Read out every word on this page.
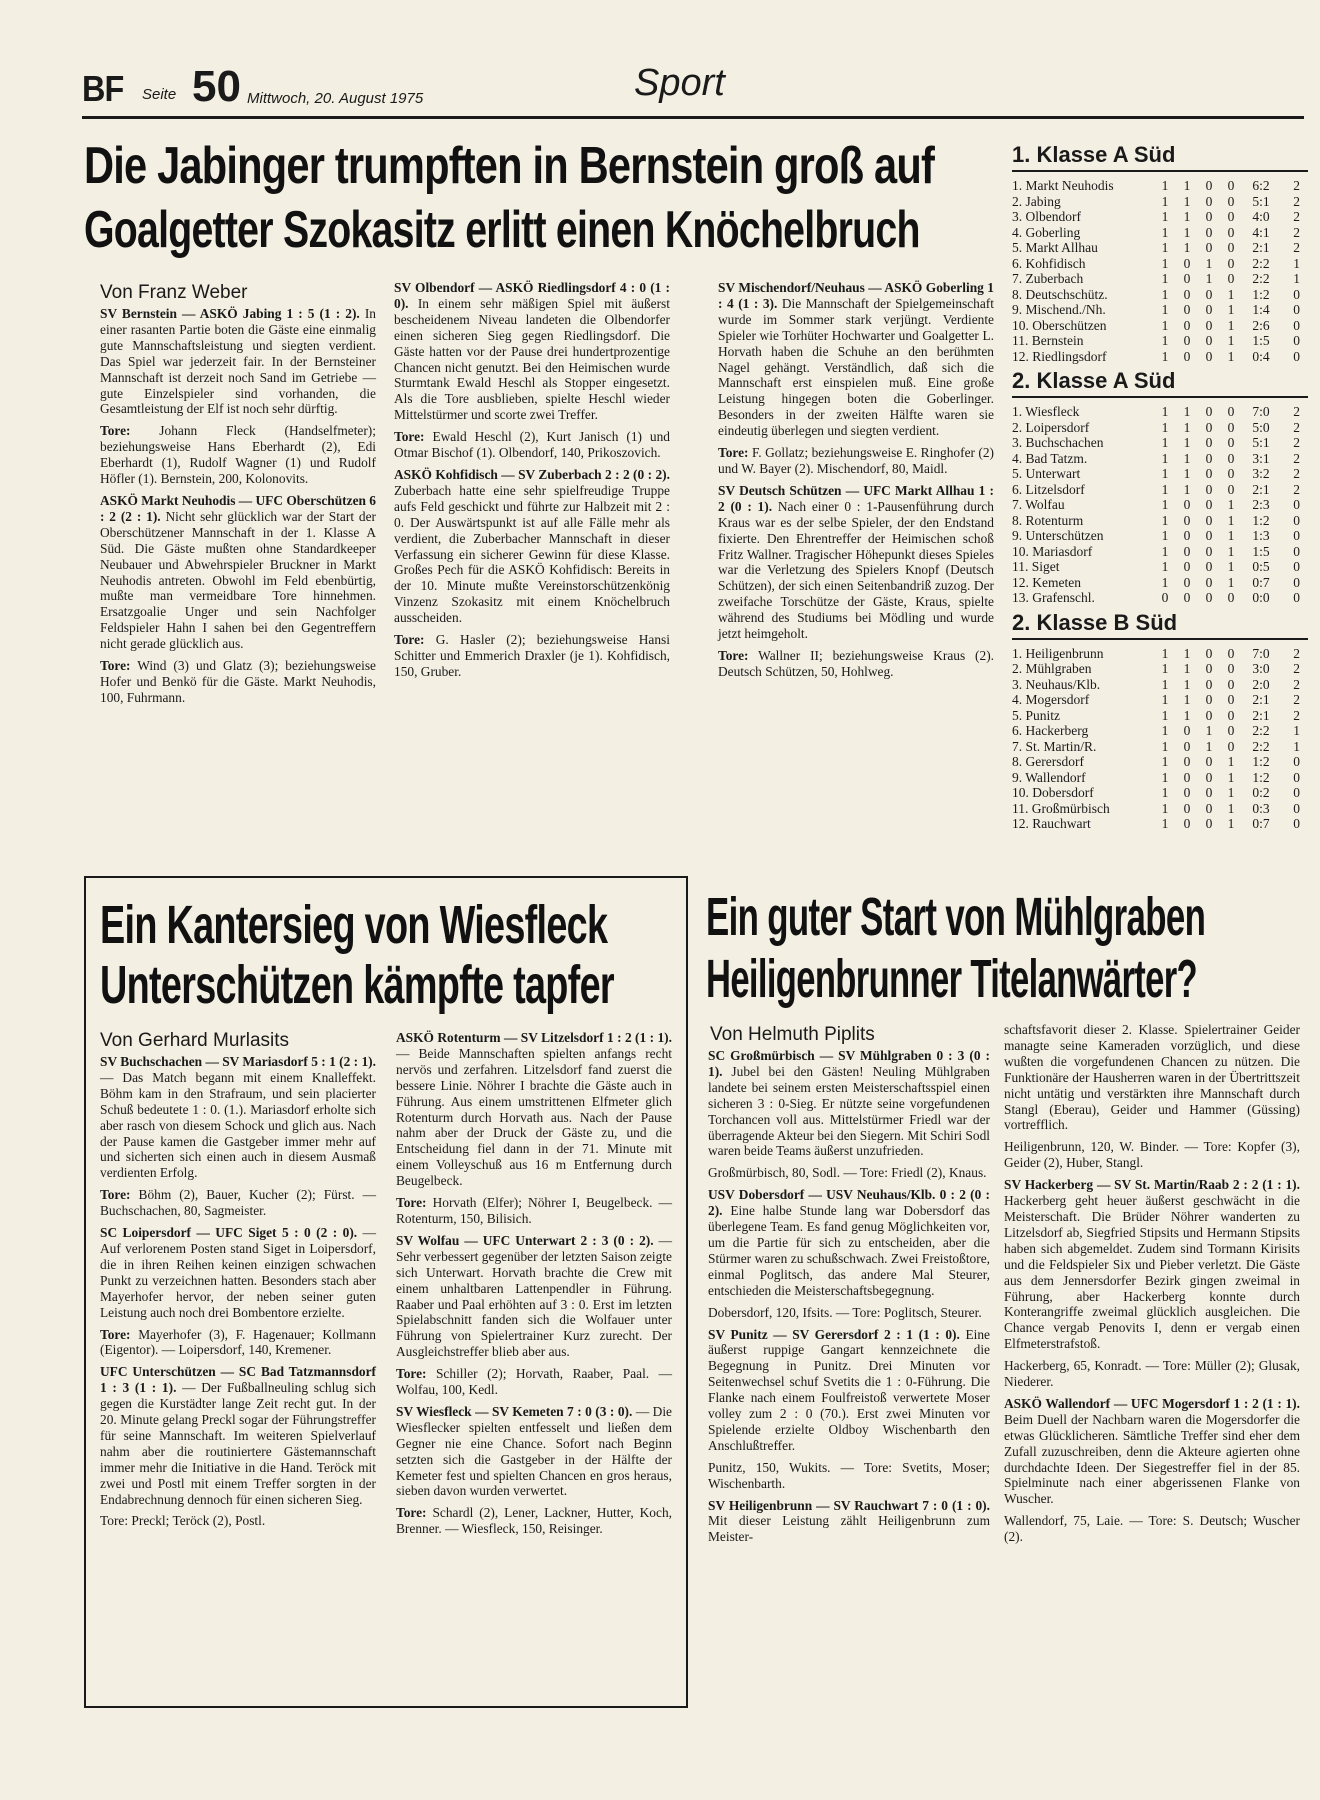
BF Seite 50 Mittwoch, 20. August 1975	Sport
Die Jabinger trumpften in Bernstein groß auf
Goalgetter Szokasitz erlitt einen Knöchelbruch
Von Franz Weber

SV Bernstein — ASKÖ Jabing 1 : 5 (1 : 2). In einer rasanten Partie boten die Gäste eine einmalig gute Mannschaftsleistung und siegten verdient. Das Spiel war jederzeit fair. In der Bernsteiner Mannschaft ist derzeit noch Sand im Getriebe — gute Einzelspieler sind vorhanden, die Gesamtleistung der Elf ist noch sehr dürftig.

Tore: Johann Fleck (Handselfmeter); beziehungsweise Hans Eberhardt (2), Edi Eberhardt (1), Rudolf Wagner (1) und Rudolf Höfler (1). Bernstein, 200, Kolonovits.

ASKÖ Markt Neuhodis — UFC Oberschützen 6 : 2 (2 : 1). Nicht sehr glücklich war der Start der Oberschützener Mannschaft in der 1. Klasse A Süd. Die Gäste mußten ohne Standardkeeper Neubauer und Abwehrspieler Bruckner in Markt Neuhodis antreten. Obwohl im Feld ebenbürtig, mußte man vermeidbare Tore hinnehmen. Ersatzgoalie Unger und sein Nachfolger Feldspieler Hahn I sahen bei den Gegentreffern nicht gerade glücklich aus.

Tore: Wind (3) und Glatz (3); beziehungsweise Hofer und Benkö für die Gäste. Markt Neuhodis, 100, Fuhrmann.

SV Olbendorf — ASKÖ Riedlingsdorf 4 : 0 (1 : 0). In einem sehr mäßigen Spiel mit äußerst bescheidenem Niveau landeten die Olbendorfer einen sicheren Sieg gegen Riedlingsdorf. Die Gäste hatten vor der Pause drei hundertprozentige Chancen nicht genutzt. Bei den Heimischen wurde Sturmtank Ewald Heschl als Stopper eingesetzt. Als die Tore ausblieben, spielte Heschl wieder Mittelstürmer und scorte zwei Treffer.

Tore: Ewald Heschl (2), Kurt Janisch (1) und Otmar Bischof (1). Olbendorf, 140, Prikoszovich.

ASKÖ Kohfidisch — SV Zuberbach 2 : 2 (0 : 2). Zuberbach hatte eine sehr spielfreudige Truppe aufs Feld geschickt und führte zur Halbzeit mit 2 : 0. Der Auswärtspunkt ist auf alle Fälle mehr als verdient, die Zuberbacher Mannschaft in dieser Verfassung ein sicherer Gewinn für diese Klasse. Großes Pech für die ASKÖ Kohfidisch: Bereits in der 10. Minute mußte Vereinstorschützenkönig Vinzenz Szokasitz mit einem Knöchelbruch ausscheiden.

Tore: G. Hasler (2); beziehungsweise Hansi Schitter und Emmerich Draxler (je 1). Kohfidisch, 150, Gruber.

SV Mischendorf/Neuhaus — ASKÖ Goberling 1 : 4 (1 : 3). Die Mannschaft der Spielgemeinschaft wurde im Sommer stark verjüngt. Verdiente Spieler wie Torhüter Hochwarter und Goalgetter L. Horvath haben die Schuhe an den berühmten Nagel gehängt. Verständlich, daß sich die Mannschaft erst einspielen muß. Eine große Leistung hingegen boten die Goberlinger. Besonders in der zweiten Hälfte waren sie eindeutig überlegen und siegten verdient.

Tore: F. Gollatz; beziehungsweise E. Ringhofer (2) und W. Bayer (2). Mischendorf, 80, Maidl.

SV Deutsch Schützen — UFC Markt Allhau 1 : 2 (0 : 1). Nach einer 0 : 1-Pausenführung durch Kraus war es der selbe Spieler, der den Endstand fixierte. Den Ehrentreffer der Heimischen schoß Fritz Wallner. Tragischer Höhepunkt dieses Spieles war die Verletzung des Spielers Knopf (Deutsch Schützen), der sich einen Seitenbandriß zuzog. Der zweifache Torschütze der Gäste, Kraus, spielte während des Studiums bei Mödling und wurde jetzt heimgeholt.

Tore: Wallner II; beziehungsweise Kraus (2). Deutsch Schützen, 50, Hohlweg.

1. Klasse A Süd
1. Markt Neuhodis	1	1	0	0	6:2	2
2. Jabing	1	1	0	0	5:1	2
3. Olbendorf	1	1	0	0	4:0	2
4. Goberling	1	1	0	0	4:1	2
5. Markt Allhau	1	1	0	0	2:1	2
6. Kohfidisch	1	0	1	0	2:2	1
7. Zuberbach	1	0	1	0	2:2	1
8. Deutschschütz.	1	0	0	1	1:2	0
9. Mischend./Nh.	1	0	0	1	1:4	0
10. Oberschützen	1	0	0	1	2:6	0
11. Bernstein	1	0	0	1	1:5	0
12. Riedlingsdorf	1	0	0	1	0:4	0
2. Klasse A Süd
1. Wiesfleck	1	1	0	0	7:0	2
2. Loipersdorf	1	1	0	0	5:0	2
3. Buchschachen	1	1	0	0	5:1	2
4. Bad Tatzm.	1	1	0	0	3:1	2
5. Unterwart	1	1	0	0	3:2	2
6. Litzelsdorf	1	1	0	0	2:1	2
7. Wolfau	1	0	0	1	2:3	0
8. Rotenturm	1	0	0	1	1:2	0
9. Unterschützen	1	0	0	1	1:3	0
10. Mariasdorf	1	0	0	1	1:5	0
11. Siget	1	0	0	1	0:5	0
12. Kemeten	1	0	0	1	0:7	0
13. Grafenschl.	0	0	0	0	0:0	0
2. Klasse B Süd
1. Heiligenbrunn	1	1	0	0	7:0	2
2. Mühlgraben	1	1	0	0	3:0	2
3. Neuhaus/Klb.	1	1	0	0	2:0	2
4. Mogersdorf	1	1	0	0	2:1	2
5. Punitz	1	1	0	0	2:1	2
6. Hackerberg	1	0	1	0	2:2	1
7. St. Martin/R.	1	0	1	0	2:2	1
8. Gerersdorf	1	0	0	1	1:2	0
9. Wallendorf	1	0	0	1	1:2	0
10. Dobersdorf	1	0	0	1	0:2	0
11. Großmürbisch	1	0	0	1	0:3	0
12. Rauchwart	1	0	0	1	0:7	0
Ein Kantersieg von Wiesfleck
Unterschützen kämpfte tapfer
Von Gerhard Murlasits

SV Buchschachen — SV Mariasdorf 5 : 1 (2 : 1). — Das Match begann mit einem Knalleffekt. Böhm kam in den Strafraum, und sein placierter Schuß bedeutete 1 : 0. (1.). Mariasdorf erholte sich aber rasch von diesem Schock und glich aus. Nach der Pause kamen die Gastgeber immer mehr auf und sicherten sich einen auch in diesem Ausmaß verdienten Erfolg.

Tore: Böhm (2), Bauer, Kucher (2); Fürst. — Buchschachen, 80, Sagmeister.

SC Loipersdorf — UFC Siget 5 : 0 (2 : 0). — Auf verlorenem Posten stand Siget in Loipersdorf, die in ihren Reihen keinen einzigen schwachen Punkt zu verzeichnen hatten. Besonders stach aber Mayerhofer hervor, der neben seiner guten Leistung auch noch drei Bombentore erzielte.

Tore: Mayerhofer (3), F. Hagenauer; Kollmann (Eigentor). — Loipersdorf, 140, Kremener.

UFC Unterschützen — SC Bad Tatzmannsdorf 1 : 3 (1 : 1). — Der Fußballneuling schlug sich gegen die Kurstädter lange Zeit recht gut. In der 20. Minute gelang Preckl sogar der Führungstreffer für seine Mannschaft. Im weiteren Spielverlauf nahm aber die routiniertere Gästemannschaft immer mehr die Initiative in die Hand. Teröck mit zwei und Postl mit einem Treffer sorgten in der Endabrechnung dennoch für einen sicheren Sieg.

Tore: Preckl; Teröck (2), Postl.

ASKÖ Rotenturm — SV Litzelsdorf 1 : 2 (1 : 1). — Beide Mannschaften spielten anfangs recht nervös und zerfahren. Litzelsdorf fand zuerst die bessere Linie. Nöhrer I brachte die Gäste auch in Führung. Aus einem umstrittenen Elfmeter glich Rotenturm durch Horvath aus. Nach der Pause nahm aber der Druck der Gäste zu, und die Entscheidung fiel dann in der 71. Minute mit einem Volleyschuß aus 16 m Entfernung durch Beugelbeck.

Tore: Horvath (Elfer); Nöhrer I, Beugelbeck. — Rotenturm, 150, Bilisich.

SV Wolfau — UFC Unterwart 2 : 3 (0 : 2). — Sehr verbessert gegenüber der letzten Saison zeigte sich Unterwart. Horvath brachte die Crew mit einem unhaltbaren Lattenpendler in Führung. Raaber und Paal erhöhten auf 3 : 0. Erst im letzten Spielabschnitt fanden sich die Wolfauer unter Führung von Spielertrainer Kurz zurecht. Der Ausgleichstreffer blieb aber aus.

Tore: Schiller (2); Horvath, Raaber, Paal. — Wolfau, 100, Kedl.

SV Wiesfleck — SV Kemeten 7 : 0 (3 : 0). — Die Wiesflecker spielten entfesselt und ließen dem Gegner nie eine Chance. Sofort nach Beginn setzten sich die Gastgeber in der Hälfte der Kemeter fest und spielten Chancen en gros heraus, sieben davon wurden verwertet.

Tore: Schardl (2), Lener, Lackner, Hutter, Koch, Brenner. — Wiesfleck, 150, Reisinger.

Ein guter Start von Mühlgraben
Heiligenbrunner Titelanwärter?
Von Helmuth Piplits

SC Großmürbisch — SV Mühlgraben 0 : 3 (0 : 1). Jubel bei den Gästen! Neuling Mühlgraben landete bei seinem ersten Meisterschaftsspiel einen sicheren 3 : 0-Sieg. Er nützte seine vorgefundenen Torchancen voll aus. Mittelstürmer Friedl war der überragende Akteur bei den Siegern. Mit Schiri Sodl waren beide Teams äußerst unzufrieden.

Großmürbisch, 80, Sodl. — Tore: Friedl (2), Knaus.

USV Dobersdorf — USV Neuhaus/Klb. 0 : 2 (0 : 2). Eine halbe Stunde lang war Dobersdorf das überlegene Team. Es fand genug Möglichkeiten vor, um die Partie für sich zu entscheiden, aber die Stürmer waren zu schußschwach. Zwei Freistoßtore, einmal Poglitsch, das andere Mal Steurer, entschieden die Meisterschaftsbegegnung.

Dobersdorf, 120, Ifsits. — Tore: Poglitsch, Steurer.

SV Punitz — SV Gerersdorf 2 : 1 (1 : 0). Eine äußerst ruppige Gangart kennzeichnete die Begegnung in Punitz. Drei Minuten vor Seitenwechsel schuf Svetits die 1 : 0-Führung. Die Flanke nach einem Foulfreistoß verwertete Moser volley zum 2 : 0 (70.). Erst zwei Minuten vor Spielende erzielte Oldboy Wischenbarth den Anschlußtreffer.

Punitz, 150, Wukits. — Tore: Svetits, Moser; Wischenbarth.

SV Heiligenbrunn — SV Rauchwart 7 : 0 (1 : 0). Mit dieser Leistung zählt Heiligenbrunn zum Meister-

schaftsfavorit dieser 2. Klasse. Spielertrainer Geider managte seine Kameraden vorzüglich, und diese wußten die vorgefundenen Chancen zu nützen. Die Funktionäre der Hausherren waren in der Übertrittszeit nicht untätig und verstärkten ihre Mannschaft durch Stangl (Eberau), Geider und Hammer (Güssing) vortrefflich.

Heiligenbrunn, 120, W. Binder. — Tore: Kopfer (3), Geider (2), Huber, Stangl.

SV Hackerberg — SV St. Martin/Raab 2 : 2 (1 : 1). Hackerberg geht heuer äußerst geschwächt in die Meisterschaft. Die Brüder Nöhrer wanderten zu Litzelsdorf ab, Siegfried Stipsits und Hermann Stipsits haben sich abgemeldet. Zudem sind Tormann Kirisits und die Feldspieler Six und Pieber verletzt. Die Gäste aus dem Jennersdorfer Bezirk gingen zweimal in Führung, aber Hackerberg konnte durch Konterangriffe zweimal glücklich ausgleichen. Die Chance vergab Penovits I, denn er vergab einen Elfmeterstrafstoß.

Hackerberg, 65, Konradt. — Tore: Müller (2); Glusak, Niederer.

ASKÖ Wallendorf — UFC Mogersdorf 1 : 2 (1 : 1). Beim Duell der Nachbarn waren die Mogersdorfer die etwas Glücklicheren. Sämtliche Treffer sind eher dem Zufall zuzuschreiben, denn die Akteure agierten ohne durchdachte Ideen. Der Siegestreffer fiel in der 85. Spielminute nach einer abgerissenen Flanke von Wuscher.

Wallendorf, 75, Laie. — Tore: S. Deutsch; Wuscher (2).
